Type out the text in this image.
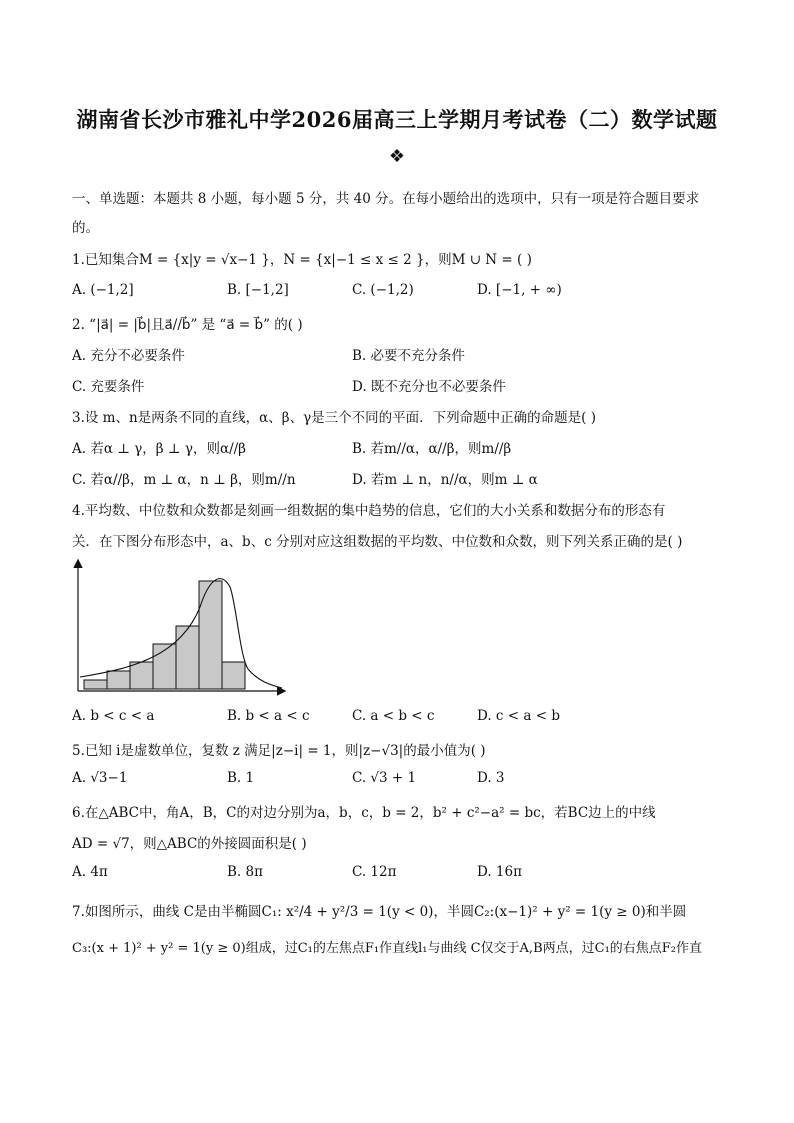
湖南省长沙市雅礼中学2026届高三上学期月考试卷（二）数学试题
❖
一、单选题：本题共 8 小题，每小题 5 分，共 40 分。在每小题给出的选项中，只有一项是符合题目要求
的。
1.已知集合M = {x|y = √x−1 }，N = {x|−1 ≤ x ≤ 2 }，则M ∪ N = ( )
A. (−1,2]	B. [−1,2]	C. (−1,2)	D. [−1, + ∞)
2. “|a⃗| = |b⃗|且a⃗//b⃗” 是 “a⃗ = b⃗” 的( )
A. 充分不必要条件	B. 必要不充分条件
C. 充要条件	D. 既不充分也不必要条件
3.设 m、n是两条不同的直线，α、β、γ是三个不同的平面．下列命题中正确的命题是( )
A. 若α ⊥ γ，β ⊥ γ，则α//β	B. 若m//α，α//β，则m//β
C. 若α//β，m ⊥ α，n ⊥ β，则m//n	D. 若m ⊥ n，n//α，则m ⊥ α
4.平均数、中位数和众数都是刻画一组数据的集中趋势的信息，它们的大小关系和数据分布的形态有
关．在下图分布形态中，a、b、c 分别对应这组数据的平均数、中位数和众数，则下列关系正确的是( )
A. b < c < a	B. b < a < c	C. a < b < c	D. c < a < b
5.已知 i是虚数单位，复数 z 满足|z−i| = 1，则|z−√3|的最小值为( )
A. √3−1	B. 1	C. √3 + 1	D. 3
6.在△ABC中，角A，B，C的对边分别为a，b，c，b = 2，b² + c²−a² = bc，若BC边上的中线
AD = √7，则△ABC的外接圆面积是( )
A. 4π	B. 8π	C. 12π	D. 16π
7.如图所示，曲线 C是由半椭圆C₁: x²/4 + y²/3 = 1(y < 0)，半圆C₂:(x−1)² + y² = 1(y ≥ 0)和半圆
C₃:(x + 1)² + y² = 1(y ≥ 0)组成，过C₁的左焦点F₁作直线l₁与曲线 C仅交于A,B两点，过C₁的右焦点F₂作直
